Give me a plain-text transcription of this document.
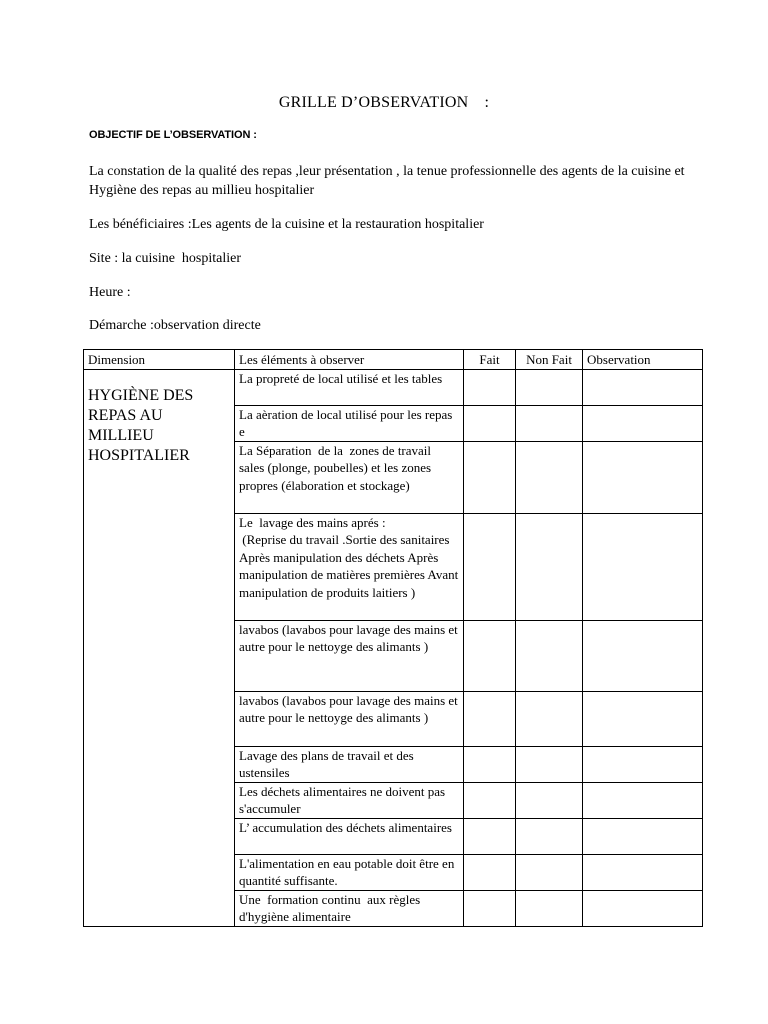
GRILLE D’OBSERVATION :
OBJECTIF DE L’OBSERVATION :
La constation de la qualité des repas ,leur présentation , la tenue professionnelle des agents de la cuisine et    Hygiène des repas au millieu hospitalier
Les bénéficiaires :Les agents de la cuisine et la restauration hospitalier
Site : la cuisine  hospitalier
Heure :
Démarche :observation directe
Dimension	Les éléments à observer	Fait	Non Fait	Observation

HYGIÈNE DES REPAS AU MILLIEU HOSPITALIER	La propreté de local utilisé et les tables			
	La aèration de local utilisé pour les repas e			
	La Séparation  de la  zones de travail sales (plonge, poubelles) et les zones propres (élaboration et stockage)			
	Le  lavage des mains aprés :
(Reprise du travail .Sortie des sanitaires Après manipulation des déchets Après manipulation de matières premières Avant manipulation de produits laitiers )			
	lavabos (lavabos pour lavage des mains et autre pour le nettoyge des alimants )			
	lavabos (lavabos pour lavage des mains et autre pour le nettoyge des alimants )			
	Lavage des plans de travail et des ustensiles			
	Les déchets alimentaires ne doivent pas s'accumuler			
	L’ accumulation des déchets alimentaires			
	L'alimentation en eau potable doit être en quantité suffisante.			
	Une  formation continu  aux règles d'hygiène alimentaire			
